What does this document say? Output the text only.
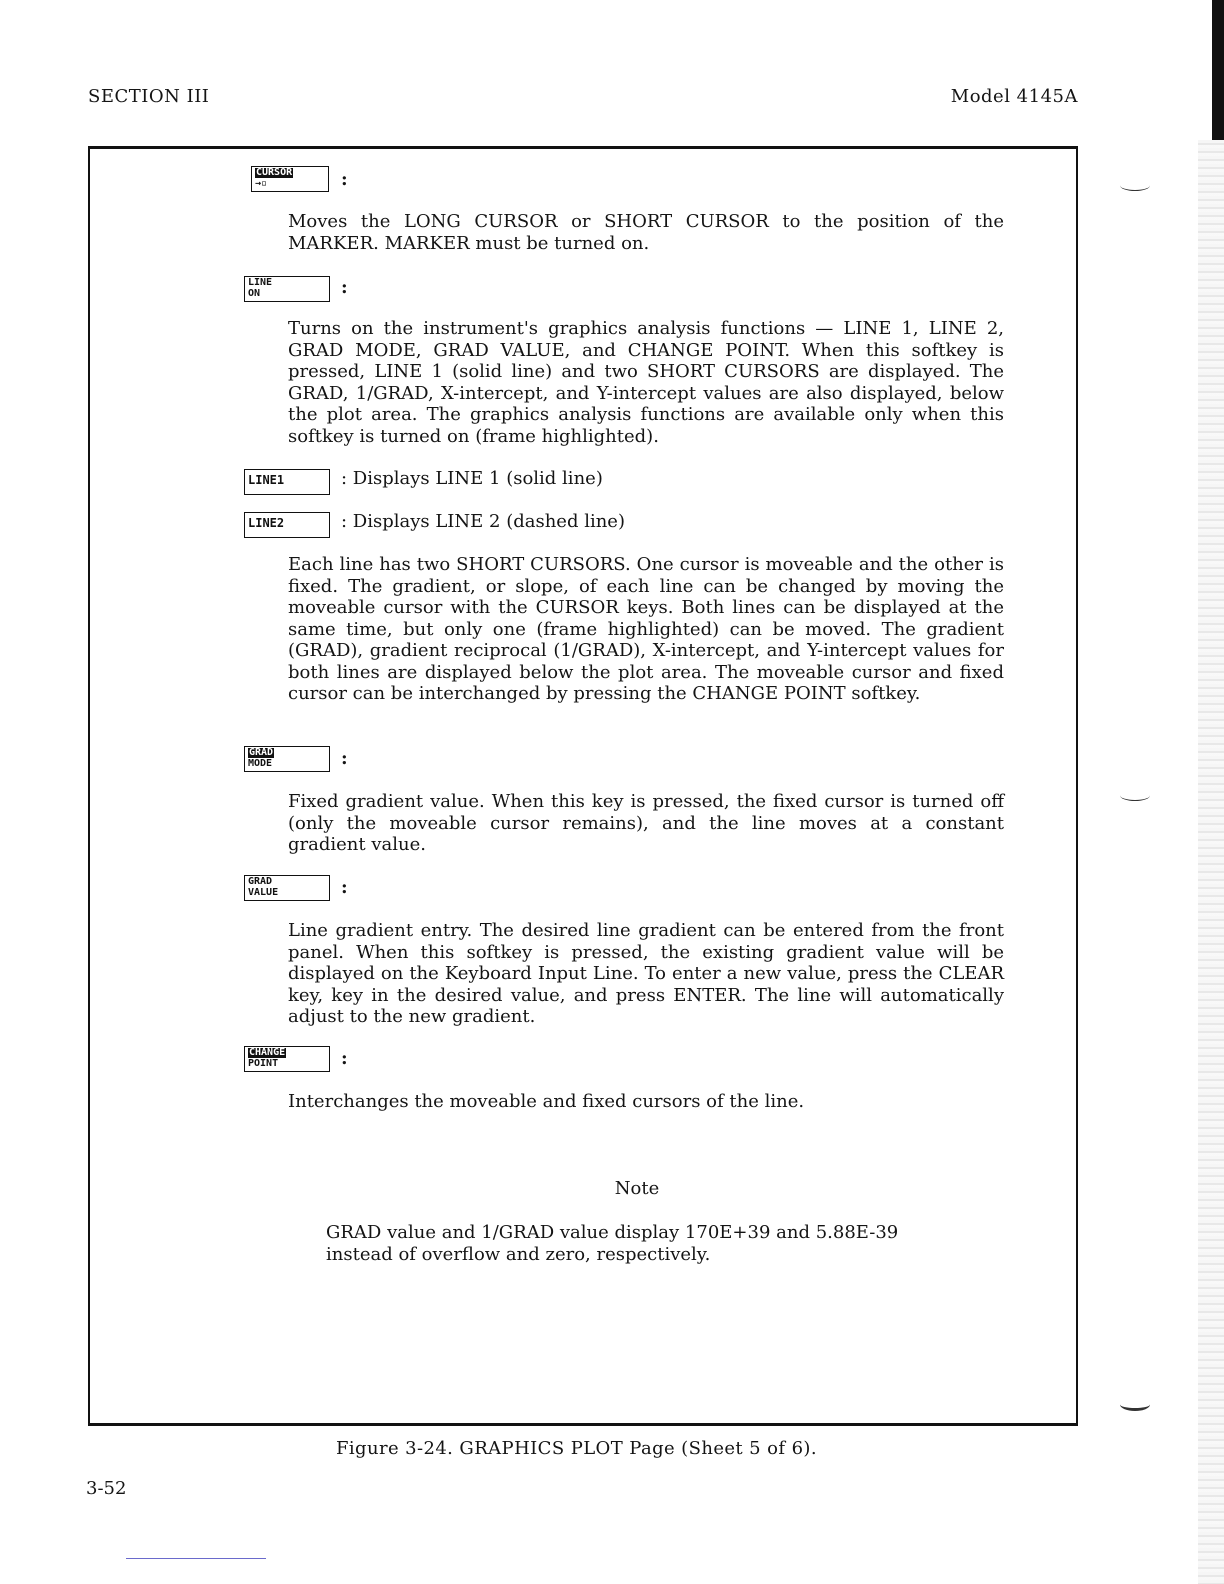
SECTION III	Model 4145A
CURSOR
→▫	:
Moves the LONG CURSOR or SHORT CURSOR to the position of the MARKER. MARKER must be turned on.
LINE
ON	:
Turns on the instrument's graphics analysis functions — LINE 1, LINE 2, GRAD MODE, GRAD VALUE, and CHANGE POINT. When this softkey is pressed, LINE 1 (solid line) and two SHORT CURSORS are displayed. The GRAD, 1/GRAD, X-intercept, and Y-intercept values are also displayed, below the plot area. The graphics analysis functions are available only when this softkey is turned on (frame highlighted).
LINE1	: Displays LINE 1 (solid line)
LINE2	: Displays LINE 2 (dashed line)
Each line has two SHORT CURSORS. One cursor is moveable and the other is fixed. The gradient, or slope, of each line can be changed by moving the moveable cursor with the CURSOR keys. Both lines can be displayed at the same time, but only one (frame highlighted) can be moved. The gradient (GRAD), gradient reciprocal (1/GRAD), X-intercept, and Y-intercept values for both lines are displayed below the plot area. The moveable cursor and fixed cursor can be interchanged by pressing the CHANGE POINT softkey.
GRAD
MODE	:
Fixed gradient value. When this key is pressed, the fixed cursor is turned off (only the moveable cursor remains), and the line moves at a constant gradient value.
GRAD
VALUE	:
Line gradient entry. The desired line gradient can be entered from the front panel. When this softkey is pressed, the existing gradient value will be displayed on the Keyboard Input Line. To enter a new value, press the CLEAR key, key in the desired value, and press ENTER. The line will automatically adjust to the new gradient.
CHANGE
POINT	:
Interchanges the moveable and fixed cursors of the line.
Note
GRAD value and 1/GRAD value display 170E+39 and 5.88E-39 instead of overflow and zero, respectively.
Figure 3-24. GRAPHICS PLOT Page (Sheet 5 of 6).
3-52
